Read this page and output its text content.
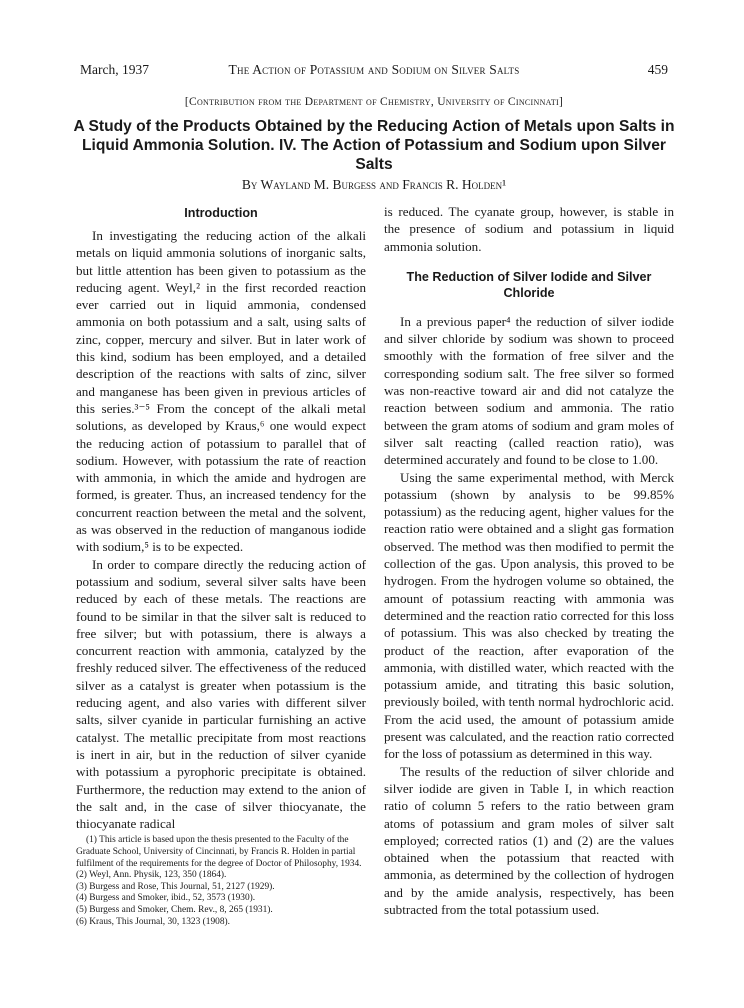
March, 1937	The Action of Potassium and Sodium on Silver Salts	459
[Contribution from the Department of Chemistry, University of Cincinnati]
A Study of the Products Obtained by the Reducing Action of Metals upon Salts in Liquid Ammonia Solution. IV. The Action of Potassium and Sodium upon Silver Salts
By Wayland M. Burgess and Francis R. Holden¹
Introduction

In investigating the reducing action of the alkali metals on liquid ammonia solutions of inorganic salts, but little attention has been given to potassium as the reducing agent. Weyl,² in the first recorded reaction ever carried out in liquid ammonia, condensed ammonia on both potassium and a salt, using salts of zinc, copper, mercury and silver. But in later work of this kind, sodium has been employed, and a detailed description of the reactions with salts of zinc, silver and manganese has been given in previous articles of this series.³⁻⁵ From the concept of the alkali metal solutions, as developed by Kraus,⁶ one would expect the reducing action of potassium to parallel that of sodium. However, with potassium the rate of reaction with ammonia, in which the amide and hydrogen are formed, is greater. Thus, an increased tendency for the concurrent reaction between the metal and the solvent, as was observed in the reduction of manganous iodide with sodium,⁵ is to be expected.

In order to compare directly the reducing action of potassium and sodium, several silver salts have been reduced by each of these metals. The reactions are found to be similar in that the silver salt is reduced to free silver; but with potassium, there is always a concurrent reaction with ammonia, catalyzed by the freshly reduced silver. The effectiveness of the reduced silver as a catalyst is greater when potassium is the reducing agent, and also varies with different silver salts, silver cyanide in particular furnishing an active catalyst. The metallic precipitate from most reactions is inert in air, but in the reduction of silver cyanide with potassium a pyrophoric precipitate is obtained. Furthermore, the reduction may extend to the anion of the salt and, in the case of silver thiocyanate, the thiocyanate radical

(1) This article is based upon the thesis presented to the Faculty of the Graduate School, University of Cincinnati, by Francis R. Holden in partial fulfilment of the requirements for the degree of Doctor of Philosophy, 1934.
(2) Weyl, Ann. Physik, 123, 350 (1864).
(3) Burgess and Rose, This Journal, 51, 2127 (1929).
(4) Burgess and Smoker, ibid., 52, 3573 (1930).
(5) Burgess and Smoker, Chem. Rev., 8, 265 (1931).
(6) Kraus, This Journal, 30, 1323 (1908).

is reduced. The cyanate group, however, is stable in the presence of sodium and potassium in liquid ammonia solution.

The Reduction of Silver Iodide and Silver Chloride

In a previous paper⁴ the reduction of silver iodide and silver chloride by sodium was shown to proceed smoothly with the formation of free silver and the corresponding sodium salt. The free silver so formed was non-reactive toward air and did not catalyze the reaction between sodium and ammonia. The ratio between the gram atoms of sodium and gram moles of silver salt reacting (called reaction ratio), was determined accurately and found to be close to 1.00.

Using the same experimental method, with Merck potassium (shown by analysis to be 99.85% potassium) as the reducing agent, higher values for the reaction ratio were obtained and a slight gas formation observed. The method was then modified to permit the collection of the gas. Upon analysis, this proved to be hydrogen. From the hydrogen volume so obtained, the amount of potassium reacting with ammonia was determined and the reaction ratio corrected for this loss of potassium. This was also checked by treating the product of the reaction, after evaporation of the ammonia, with distilled water, which reacted with the potassium amide, and titrating this basic solution, previously boiled, with tenth normal hydrochloric acid. From the acid used, the amount of potassium amide present was calculated, and the reaction ratio corrected for the loss of potassium as determined in this way.

The results of the reduction of silver chloride and silver iodide are given in Table I, in which reaction ratio of column 5 refers to the ratio between gram atoms of potassium and gram moles of silver salt employed; corrected ratios (1) and (2) are the values obtained when the potassium that reacted with ammonia, as determined by the collection of hydrogen and by the amide analysis, respectively, has been subtracted from the total potassium used.
